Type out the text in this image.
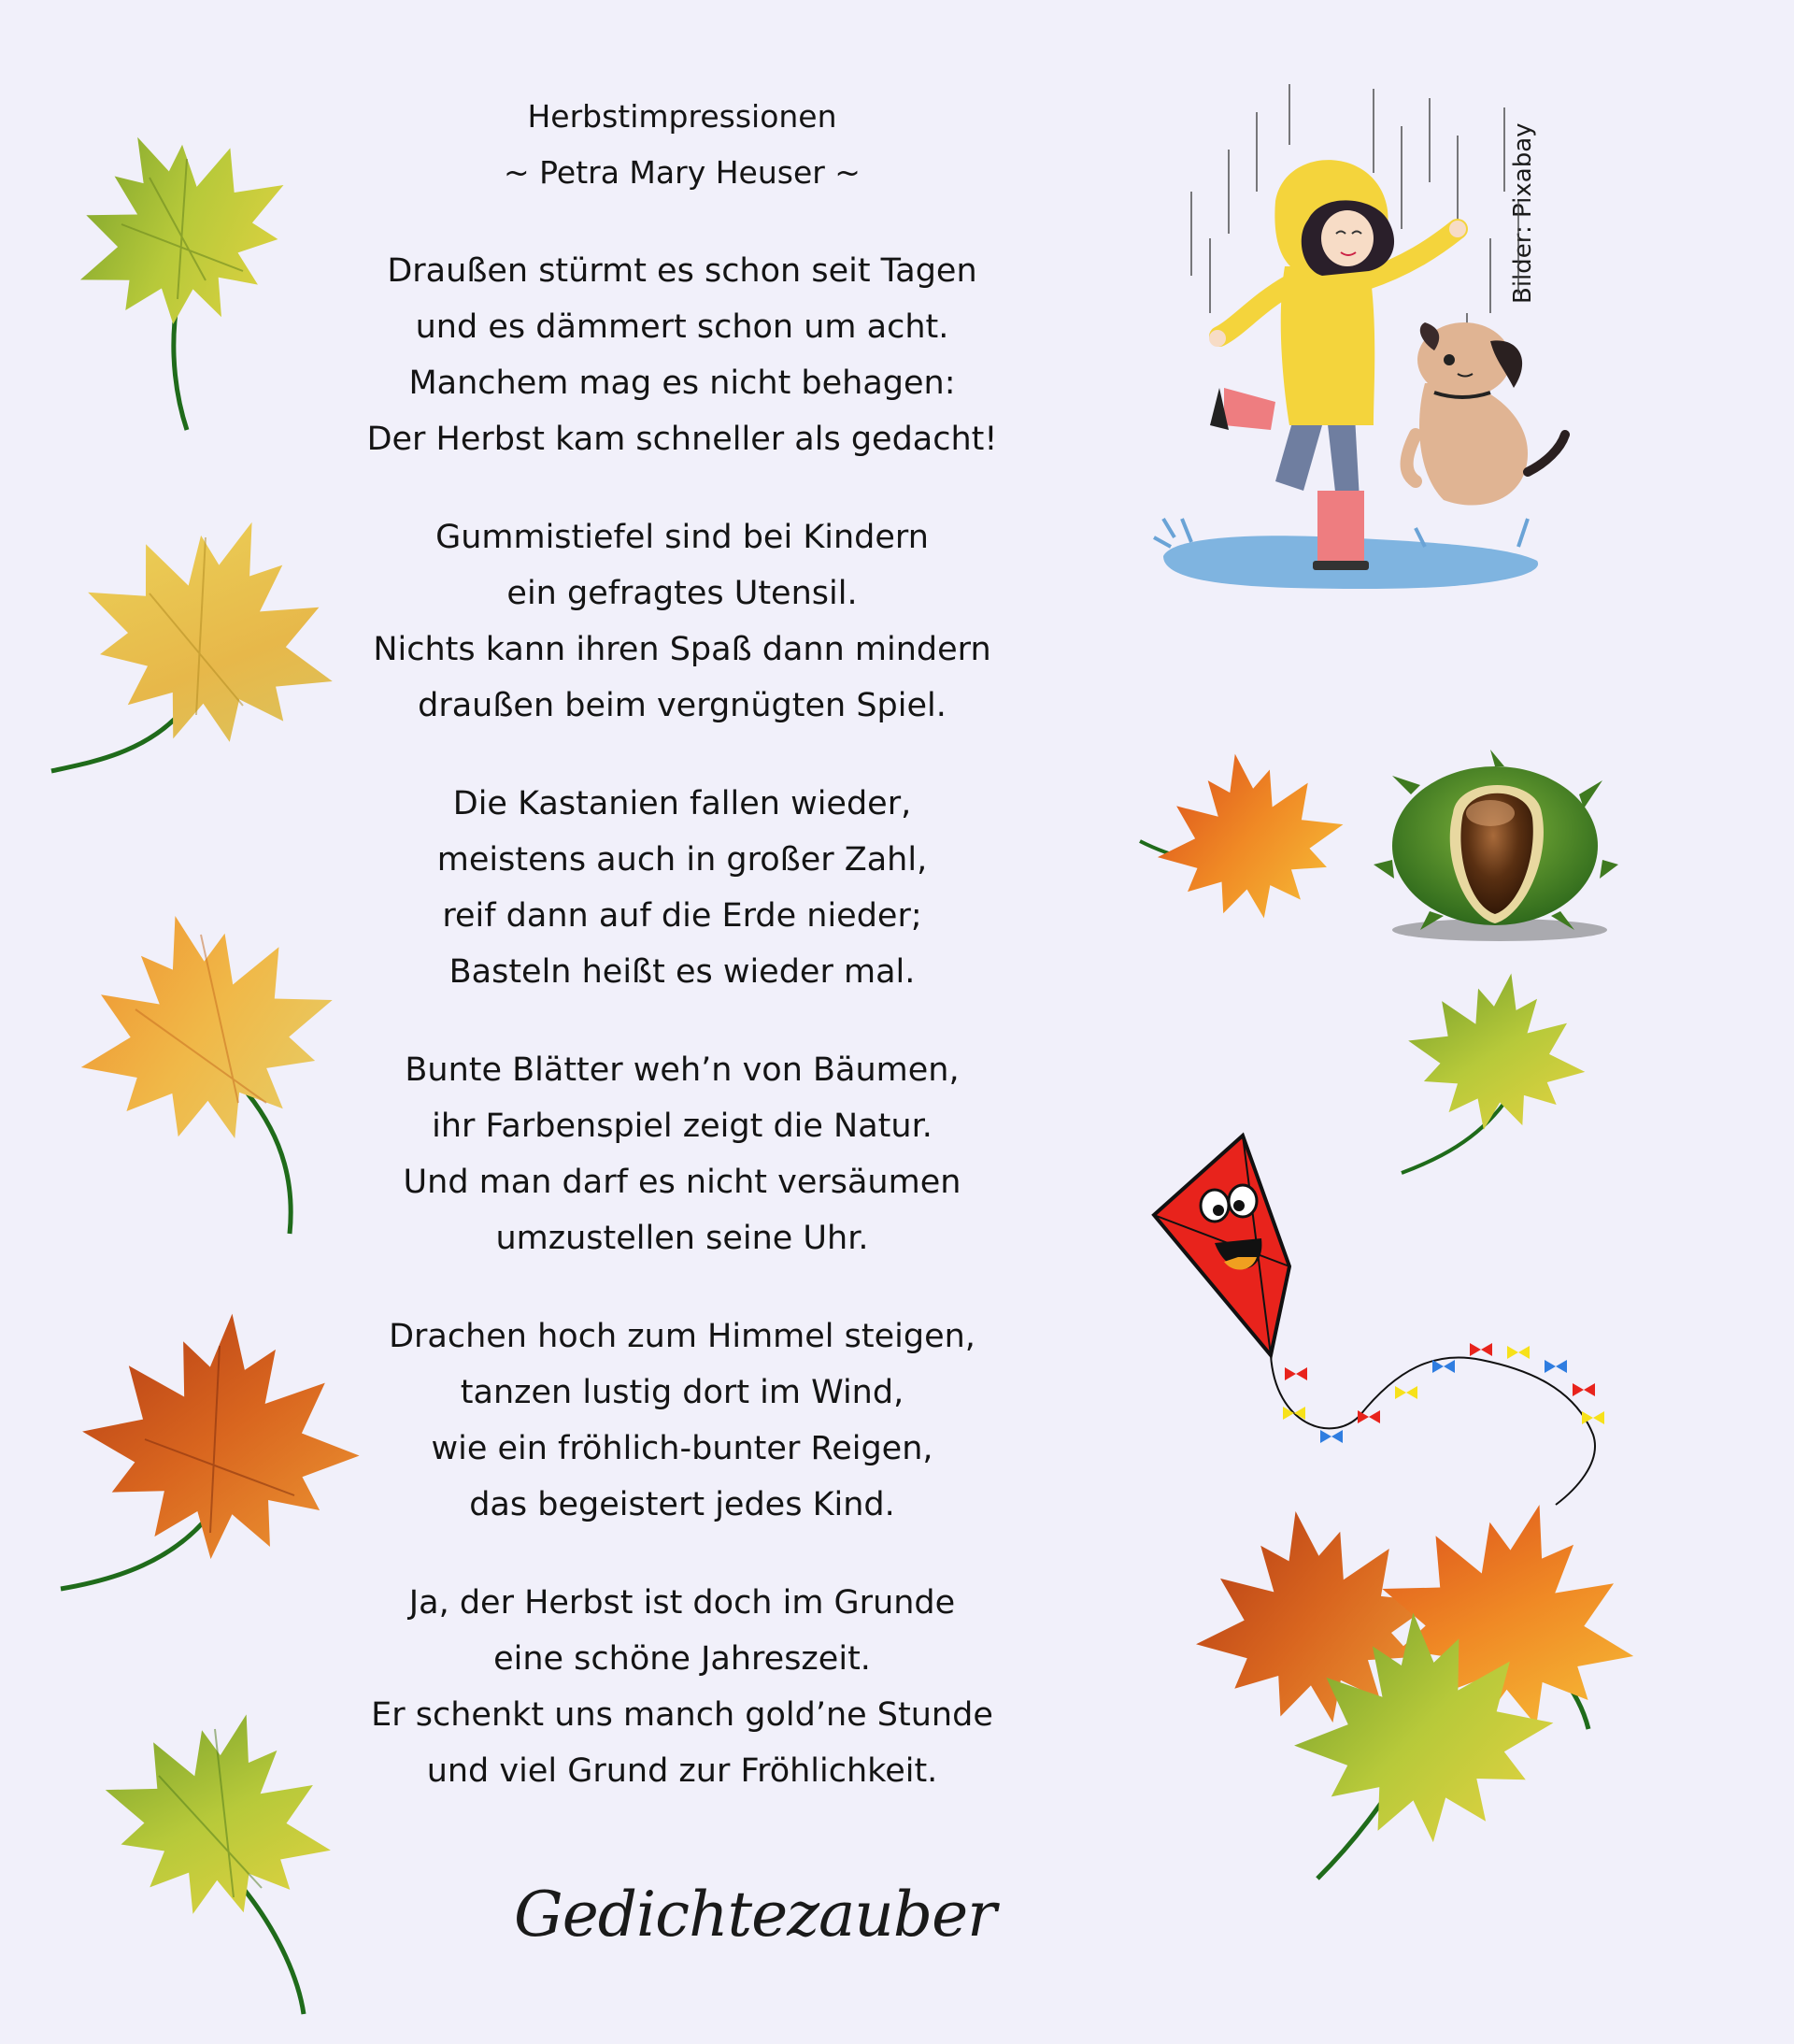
Herbstimpressionen

~ Petra Mary Heuser ~

Draußen stürmt es schon seit Tagen

und es dämmert schon um acht.

Manchem mag es nicht behagen:

Der Herbst kam schneller als gedacht!

Gummistiefel sind bei Kindern

ein gefragtes Utensil.

Nichts kann ihren Spaß dann mindern

draußen beim vergnügten Spiel.

Die Kastanien fallen wieder,

meistens auch in großer Zahl,

reif dann auf die Erde nieder;

Basteln heißt es wieder mal.

Bunte Blätter weh’n von Bäumen,

ihr Farbenspiel zeigt die Natur.

Und man darf es nicht versäumen

umzustellen seine Uhr.

Drachen hoch zum Himmel steigen,

tanzen lustig dort im Wind,

wie ein fröhlich-bunter Reigen,

das begeistert jedes Kind.

Ja, der Herbst ist doch im Grunde

eine schöne Jahreszeit.

Er schenkt uns manch gold’ne Stunde

und viel Grund zur Fröhlichkeit.

Gedichtezauber
Bilder: Pixabay
